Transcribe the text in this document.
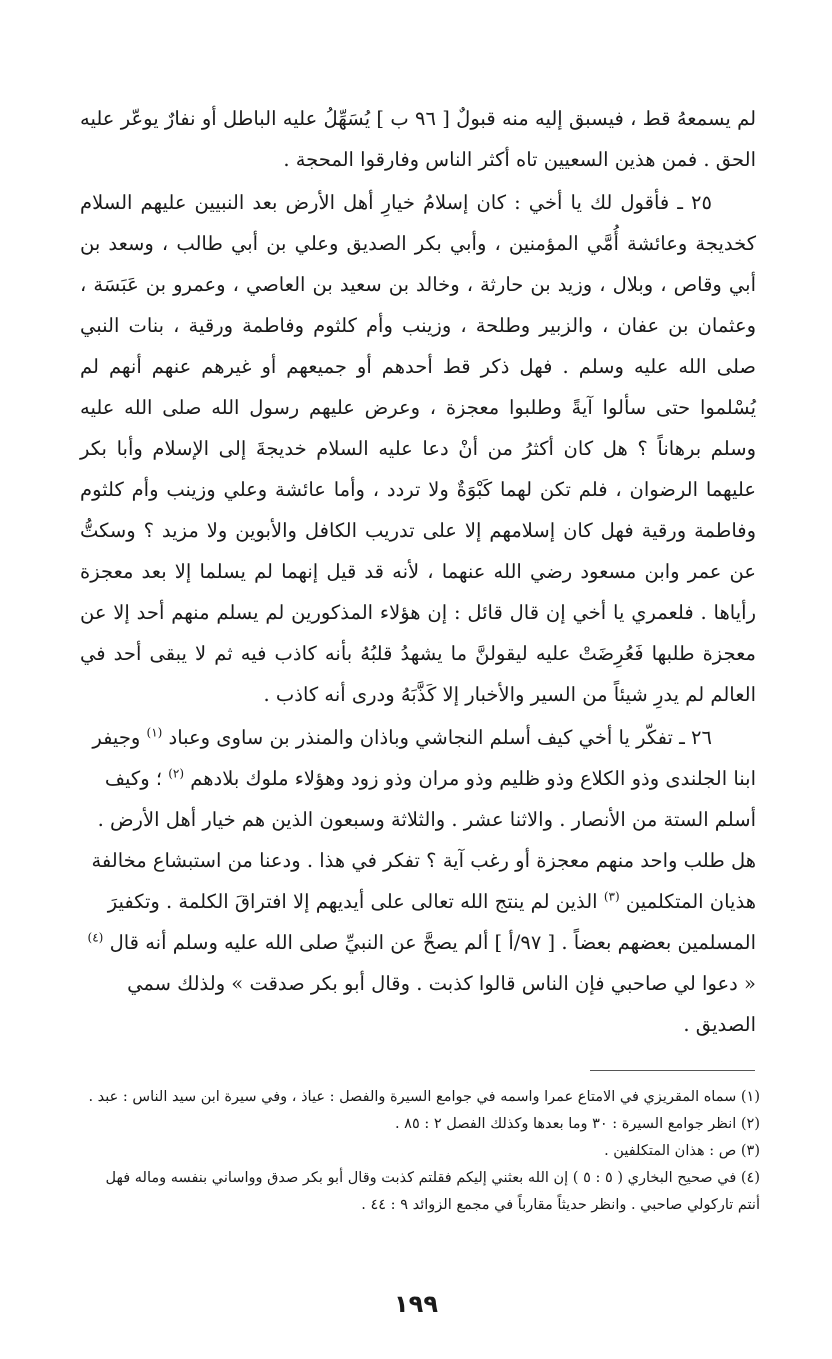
لم يسمعهُ قط ، فيسبق إليه منه قبولٌ [ ٩٦ ب ] يُسَهِّلُ عليه الباطل أو نفارٌ يوعّر عليه الحق . فمن هذين السعيين تاه أكثر الناس وفارقوا المحجة .

٢٥ ـ فأقول لك يا أخي : كان إسلامُ خيارِ أهل الأرض بعد النبيين عليهم السلام كخديجة وعائشة أُمَّي المؤمنين ، وأبي بكر الصديق وعلي بن أبي طالب ، وسعد بن أبي وقاص ، وبلال ، وزيد بن حارثة ، وخالد بن سعيد بن العاصي ، وعمرو بن عَبَسَة ، وعثمان بن عفان ، والزبير وطلحة ، وزينب وأم كلثوم وفاطمة ورقية ، بنات النبي صلى الله عليه وسلم . فهل ذكر قط أحدهم أو جميعهم أو غيرهم عنهم أنهم لم يُسْلموا حتى سألوا آيةً وطلبوا معجزة ، وعرض عليهم رسول الله صلى الله عليه وسلم برهاناً ؟ هل كان أكثرُ من أنْ دعا عليه السلام خديجةَ إلى الإسلام وأبا بكر عليهما الرضوان ، فلم تكن لهما كَبْوَةٌ ولا تردد ، وأما عائشة وعلي وزينب وأم كلثوم وفاطمة ورقية فهل كان إسلامهم إلا على تدريب الكافل والأبوين ولا مزيد ؟ وسكتُّ عن عمر وابن مسعود رضي الله عنهما ، لأنه قد قيل إنهما لم يسلما إلا بعد معجزة رأياها . فلعمري يا أخي إن قال قائل : إن هؤلاء المذكورين لم يسلم منهم أحد إلا عن معجزة طلبها فَعُرِضَتْ عليه ليقولنَّ ما يشهدُ قلبُهُ بأنه كاذب فيه ثم لا يبقى أحد في العالم لم يدرِ شيئاً من السير والأخبار إلا كَذَّبَهُ ودرى أنه كاذب .

٢٦ ـ تفكّر يا أخي كيف أسلم النجاشي وباذان والمنذر بن ساوى وعباد $^{(١)}$ وجيفر ابنا الجلندى وذو الكلاع وذو ظليم وذو مران وذو زود وهؤلاء ملوك بلادهم $^{(٢)}$ ؛ وكيف أسلم الستة من الأنصار . والاثنا عشر . والثلاثة وسبعون الذين هم خيار أهل الأرض . هل طلب واحد منهم معجزة أو رغب آية ؟ تفكر في هذا . ودعنا من استبشاع مخالفة هذيان المتكلمين $^{(٣)}$ الذين لم ينتج الله تعالى على أيديهم إلا افتراقَ الكلمة . وتكفيرَ المسلمين بعضهم بعضاً . [ ٩٧/أ ] ألم يصحَّ عن النبيِّ صلى الله عليه وسلم أنه قال $^{(٤)}$ « دعوا لي صاحبي فإن الناس قالوا كذبت . وقال أبو بكر صدقت » ولذلك سمي الصديق .

(١) سماه المقريزي في الامتاع عمرا واسمه في جوامع السيرة والفصل : عياذ ، وفي سيرة ابن سيد الناس : عبد .

(٢) انظر جوامع السيرة : ٣٠ وما بعدها وكذلك الفصل ٢ : ٨٥ .

(٣) ص : هذان المتكلفين .

(٤) في صحيح البخاري ( ٥ : ٥ ) إن الله بعثني إليكم فقلتم كذبت وقال أبو بكر صدق وواساني بنفسه وماله فهل أنتم تاركولي صاحبي . وانظر حديثاً مقارباً في مجمع الزوائد ٩ : ٤٤ .

١٩٩
